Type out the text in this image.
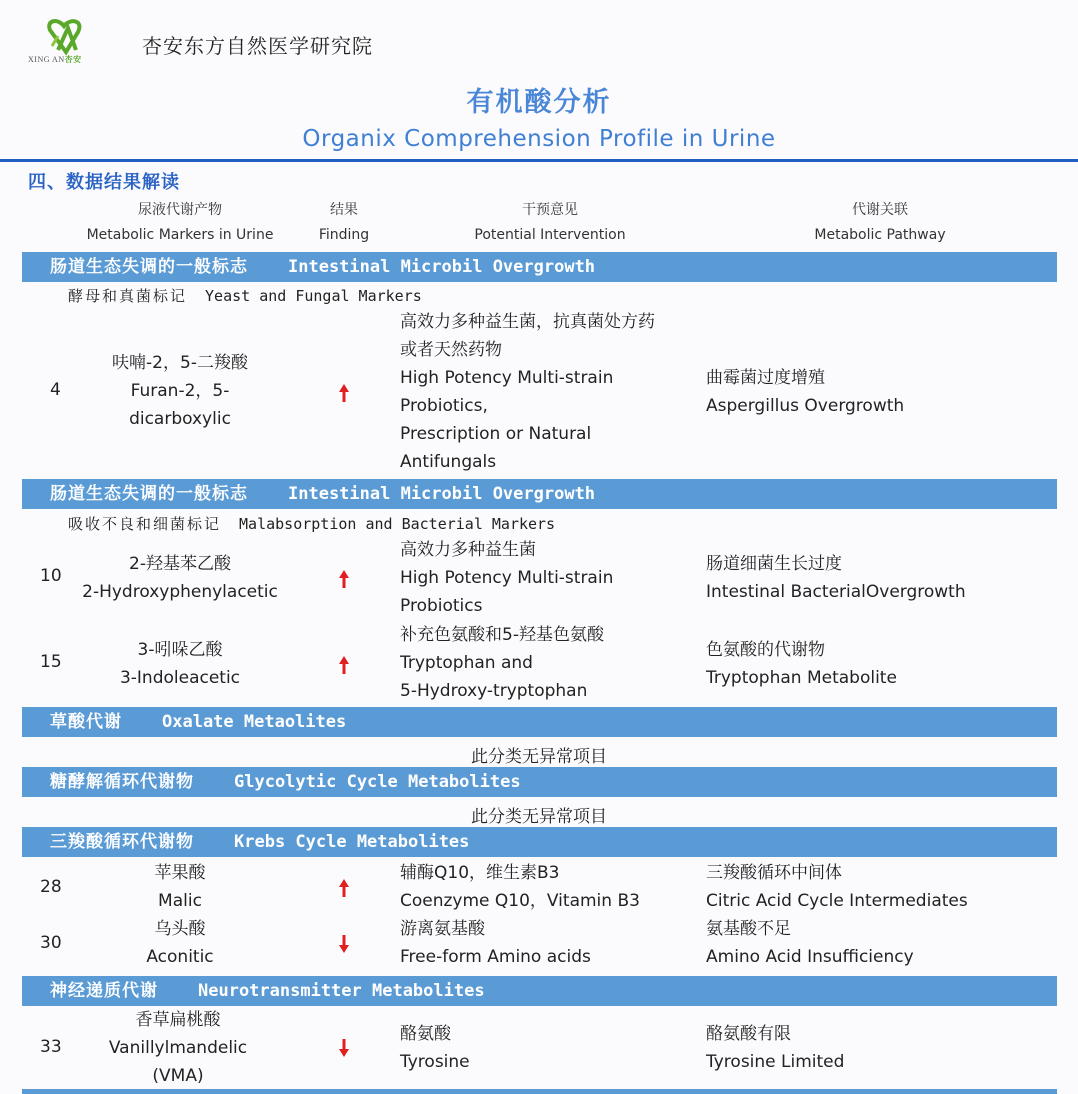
XING AN杏安
杏安东方自然医学研究院
有机酸分析
Organix Comprehension Profile in Urine
四、数据结果解读
尿液代谢产物
Metabolic Markers in Urine
结果
Finding
干预意见
Potential Intervention
代谢关联
Metabolic Pathway
肠道生态失调的一般标志 Intestinal Microbil Overgrowth
酵母和真菌标记 Yeast and Fungal Markers
4
呋喃-2，5-二羧酸
Furan-2，5-
dicarboxylic
高效力多种益生菌，抗真菌处方药
或者天然药物
High Potency Multi-strain
Probiotics,
Prescription or Natural
Antifungals
曲霉菌过度增殖
Aspergillus Overgrowth
肠道生态失调的一般标志 Intestinal Microbil Overgrowth
吸收不良和细菌标记 Malabsorption and Bacterial Markers
10
2-羟基苯乙酸
2-Hydroxyphenylacetic
高效力多种益生菌
High Potency Multi-strain
Probiotics
肠道细菌生长过度
Intestinal BacterialOvergrowth
15
3-吲哚乙酸
3-Indoleacetic
补充色氨酸和5-羟基色氨酸
Tryptophan and
5-Hydroxy-tryptophan
色氨酸的代谢物
Tryptophan Metabolite
草酸代谢 Oxalate Metaolites
此分类无异常项目
糖酵解循环代谢物 Glycolytic Cycle Metabolites
此分类无异常项目
三羧酸循环代谢物 Krebs Cycle Metabolites
28
苹果酸
Malic
辅酶Q10，维生素B3
Coenzyme Q10，Vitamin B3
三羧酸循环中间体
Citric Acid Cycle Intermediates
30
乌头酸
Aconitic
游离氨基酸
Free-form Amino acids
氨基酸不足
Amino Acid Insufficiency
神经递质代谢 Neurotransmitter Metabolites
33
香草扁桃酸
Vanillylmandelic
(VMA)
酪氨酸
Tyrosine
酪氨酸有限
Tyrosine Limited
